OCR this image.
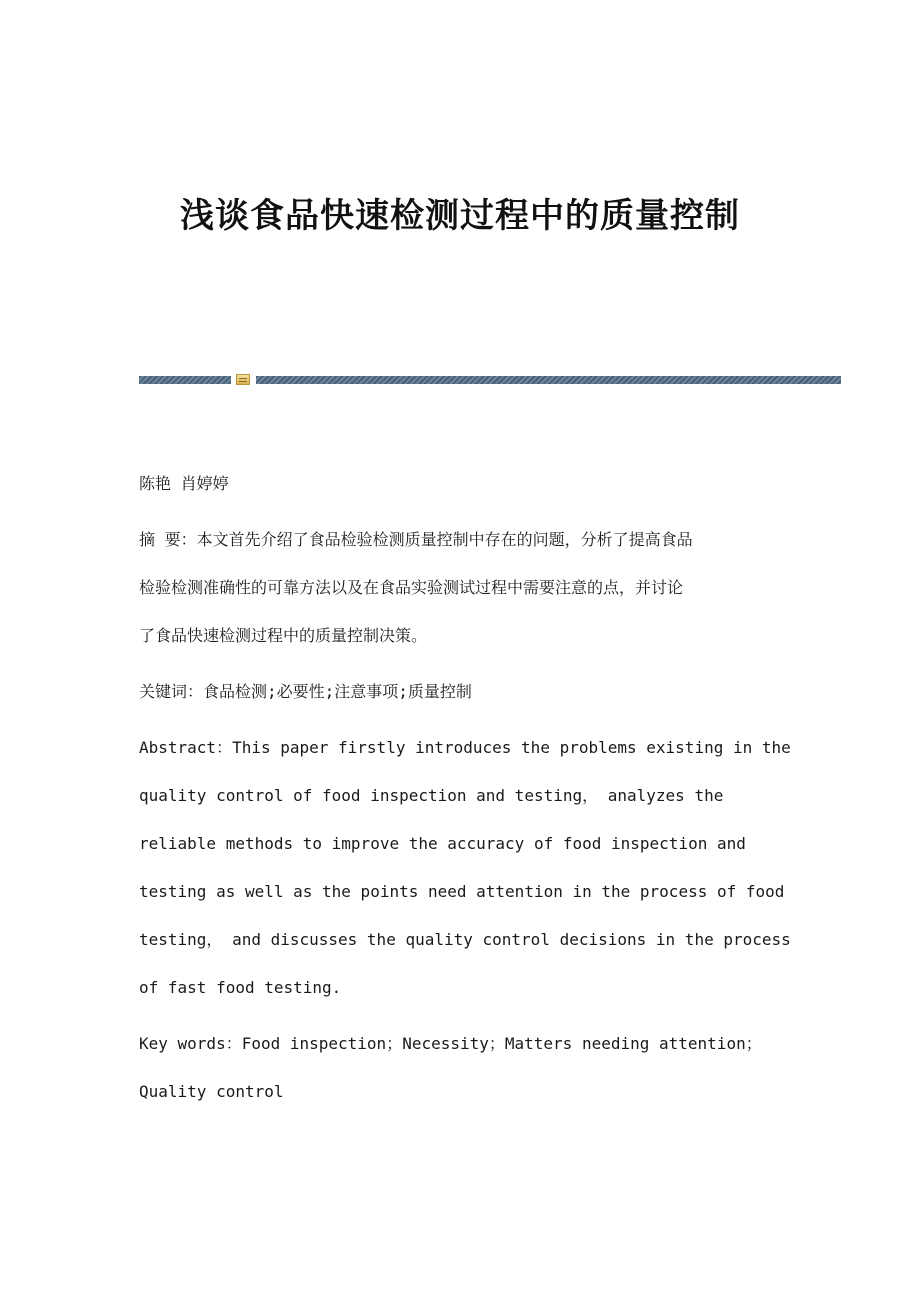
浅谈食品快速检测过程中的质量控制
陈艳 肖婷婷
摘 要：本文首先介绍了食品检验检测质量控制中存在的问题，分析了提高食品
检验检测准确性的可靠方法以及在食品实验测试过程中需要注意的点，并讨论
了食品快速检测过程中的质量控制决策。
关键词：食品检测;必要性;注意事项;质量控制
Abstract：This paper firstly introduces the problems existing in the
quality control of food inspection and testing， analyzes the
reliable methods to improve the accuracy of food inspection and
testing as well as the points need attention in the process of food
testing， and discusses the quality control decisions in the process
of fast food testing.
Key words：Food inspection；Necessity；Matters needing attention；
Quality control
